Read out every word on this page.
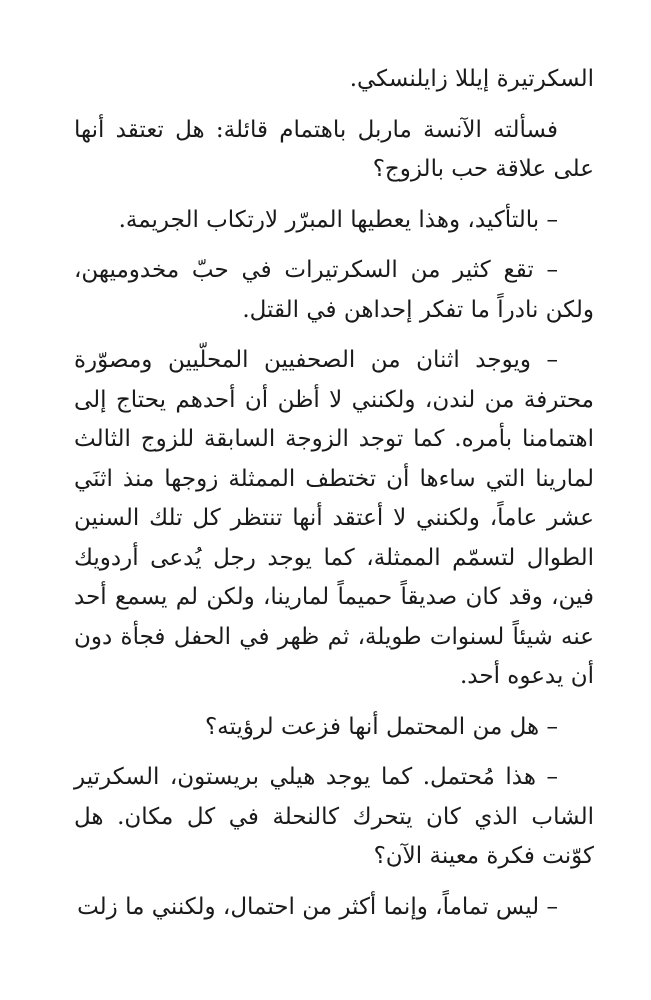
السكرتيرة إيللا زايلنسكي.

فسألته الآنسة ماربل باهتمام قائلة: هل تعتقد أنها على علاقة حب بالزوج؟

– بالتأكيد، وهذا يعطيها المبرّر لارتكاب الجريمة.

– تقع كثير من السكرتيرات في حبّ مخدوميهن، ولكن نادراً ما تفكر إحداهن في القتل.

– ويوجد اثنان من الصحفيين المحلّيين ومصوّرة محترفة من لندن، ولكنني لا أظن أن أحدهم يحتاج إلى اهتمامنا بأمره. كما توجد الزوجة السابقة للزوج الثالث لمارينا التي ساءها أن تختطف الممثلة زوجها منذ اثنَي عشر عاماً، ولكنني لا أعتقد أنها تنتظر كل تلك السنين الطوال لتسمّم الممثلة، كما يوجد رجل يُدعى أردويك فين، وقد كان صديقاً حميماً لمارينا، ولكن لم يسمع أحد عنه شيئاً لسنوات طويلة، ثم ظهر في الحفل فجأة دون أن يدعوه أحد.

– هل من المحتمل أنها فزعت لرؤيته؟

– هذا مُحتمل. كما يوجد هيلي بريستون، السكرتير الشاب الذي كان يتحرك كالنحلة في كل مكان. هل كوّنت فكرة معينة الآن؟

– ليس تماماً، وإنما أكثر من احتمال، ولكنني ما زلت
